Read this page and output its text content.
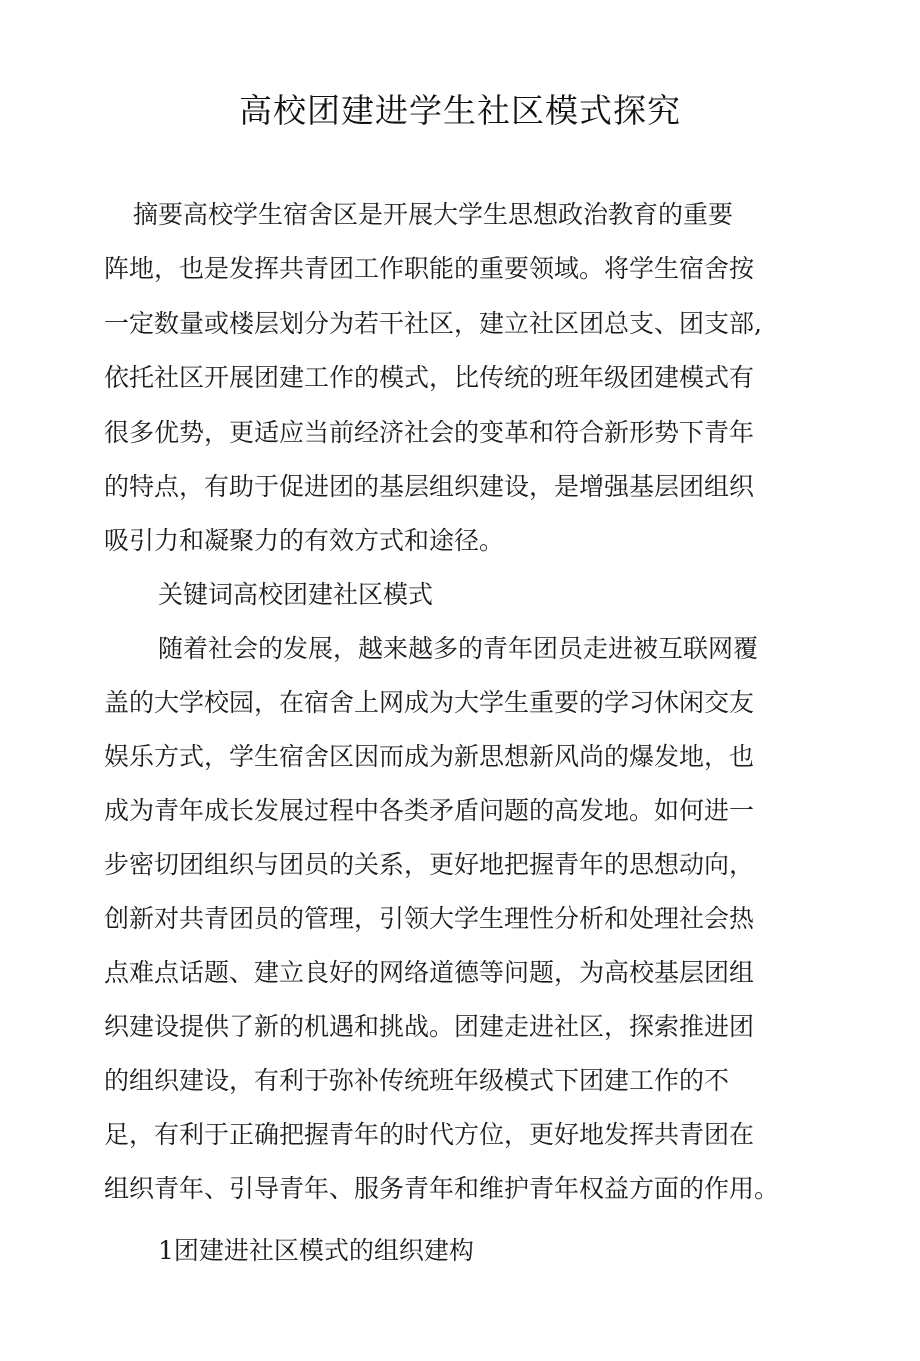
高校团建进学生社区模式探究

摘要高校学生宿舍区是开展大学生思想政治教育的重要

阵地，也是发挥共青团工作职能的重要领域。将学生宿舍按

一定数量或楼层划分为若干社区，建立社区团总支、团支部,

依托社区开展团建工作的模式，比传统的班年级团建模式有

很多优势，更适应当前经济社会的变革和符合新形势下青年

的特点，有助于促进团的基层组织建设，是增强基层团组织

吸引力和凝聚力的有效方式和途径。

关键词高校团建社区模式

随着社会的发展，越来越多的青年团员走进被互联网覆

盖的大学校园，在宿舍上网成为大学生重要的学习休闲交友

娱乐方式，学生宿舍区因而成为新思想新风尚的爆发地，也

成为青年成长发展过程中各类矛盾问题的高发地。如何进一

步密切团组织与团员的关系，更好地把握青年的思想动向，

创新对共青团员的管理，引领大学生理性分析和处理社会热

点难点话题、建立良好的网络道德等问题，为高校基层团组

织建设提供了新的机遇和挑战。团建走进社区，探索推进团

的组织建设，有利于弥补传统班年级模式下团建工作的不

足，有利于正确把握青年的时代方位，更好地发挥共青团在

组织青年、引导青年、服务青年和维护青年权益方面的作用。

1团建进社区模式的组织建构
